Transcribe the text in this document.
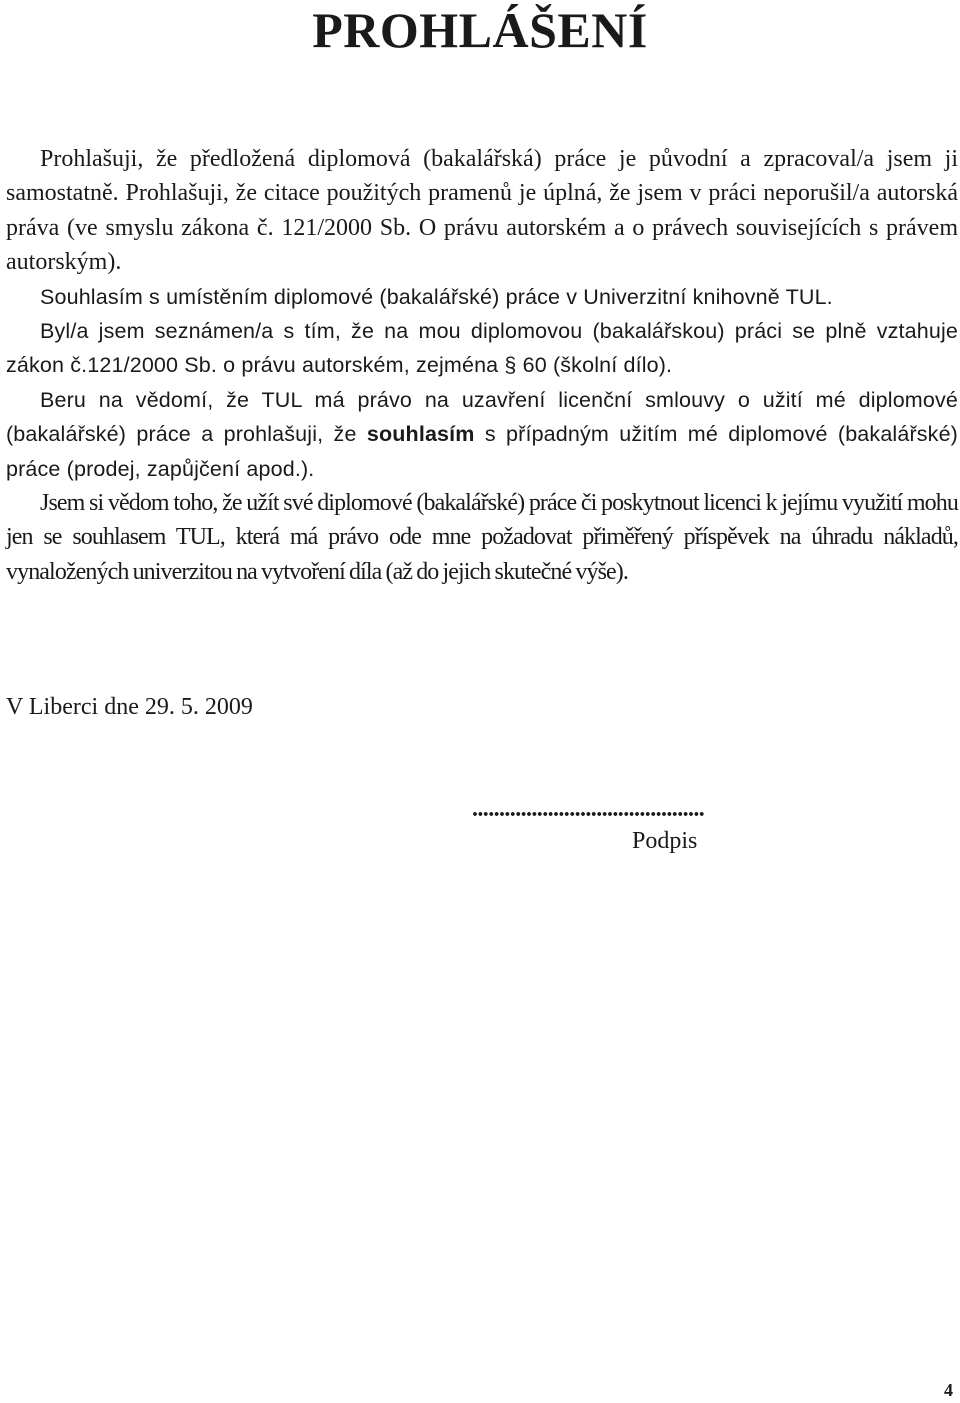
PROHLÁŠENÍ

Prohlašuji, že předložená diplomová (bakalářská) práce je původní a zpracoval/a jsem ji samostatně. Prohlašuji, že citace použitých pramenů je úplná, že jsem v práci neporušil/a autorská práva (ve smyslu zákona č. 121/2000 Sb. O právu autorském a o právech souvisejících s právem autorským).

Souhlasím s umístěním diplomové (bakalářské) práce v Univerzitní knihovně TUL.

Byl/a jsem seznámen/a s tím, že na mou diplomovou (bakalářskou) práci se plně vztahuje zákon č.121/2000 Sb. o právu autorském, zejména § 60 (školní dílo).

Beru na vědomí, že TUL má právo na uzavření licenční smlouvy o užití mé diplomové (bakalářské) práce a prohlašuji, že souhlasím s případným užitím mé diplomové (bakalářské) práce (prodej, zapůjčení apod.).

Jsem si vědom toho, že užít své diplomové (bakalářské) práce či poskytnout licenci k jejímu využití mohu jen se souhlasem TUL, která má právo ode mne požadovat přiměřený příspěvek na úhradu nákladů, vynaložených univerzitou na vytvoření díla (až do jejich skutečné výše).

V Liberci dne 29. 5. 2009

...........................................

Podpis

4
